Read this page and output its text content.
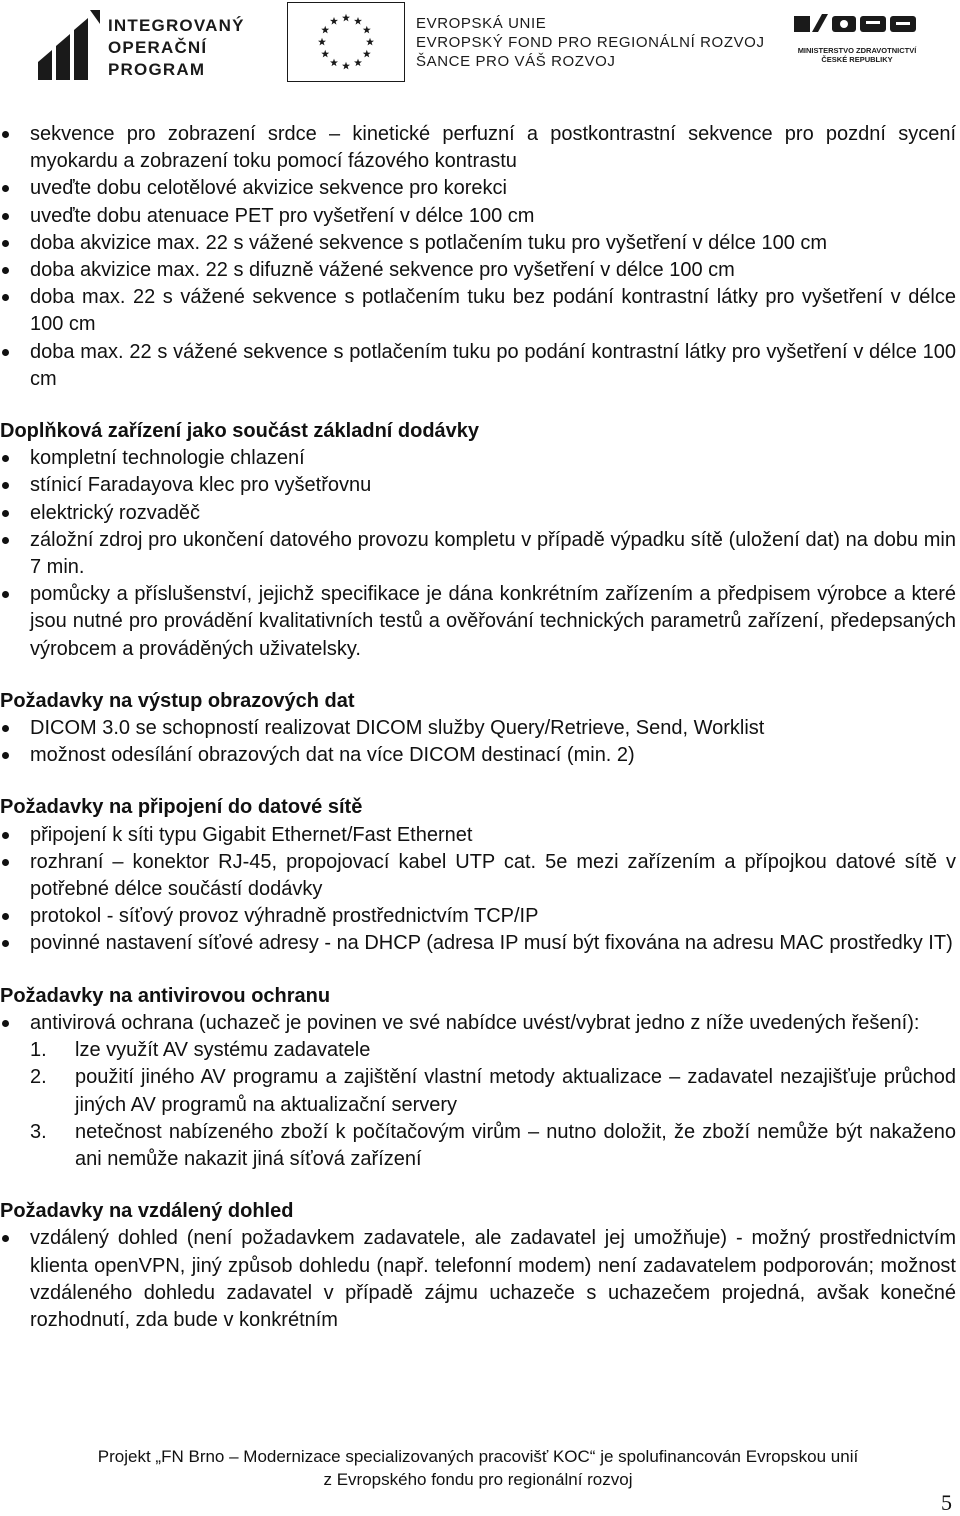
INTEGROVANÝ
OPERAČNÍ
PROGRAM
EVROPSKÁ UNIE
EVROPSKÝ FOND PRO REGIONÁLNÍ ROZVOJ
ŠANCE PRO VÁŠ ROZVOJ
MINISTERSTVO ZDRAVOTNICTVÍ
ČESKÉ REPUBLIKY
sekvence pro zobrazení srdce – kinetické perfuzní a postkontrastní sekvence pro pozdní sycení myokardu a zobrazení toku pomocí fázového kontrastu
uveďte dobu celotělové akvizice sekvence pro korekci
uveďte dobu atenuace PET pro vyšetření v délce 100 cm
doba akvizice max. 22 s vážené sekvence s potlačením tuku pro vyšetření v délce 100 cm
doba akvizice max. 22 s difuzně vážené sekvence pro vyšetření v délce 100 cm
doba max. 22 s vážené sekvence s potlačením tuku bez podání kontrastní látky pro vyšetření v délce 100 cm
doba max. 22 s vážené sekvence s potlačením tuku po podání kontrastní látky pro vyšetření v délce 100 cm
Doplňková zařízení jako součást základní dodávky
kompletní technologie chlazení
stínicí Faradayova klec pro vyšetřovnu
elektrický rozvaděč
záložní zdroj pro ukončení datového provozu kompletu v případě výpadku sítě (uložení dat) na dobu min 7 min.
pomůcky a příslušenství, jejichž specifikace je dána konkrétním zařízením a předpisem výrobce a které jsou nutné pro provádění kvalitativních testů a ověřování technických parametrů zařízení, předepsaných výrobcem a prováděných uživatelsky.
Požadavky na výstup obrazových dat
DICOM 3.0 se schopností realizovat DICOM služby Query/Retrieve, Send, Worklist
možnost odesílání obrazových dat na více DICOM destinací (min. 2)
Požadavky na připojení do datové sítě
připojení k síti typu Gigabit Ethernet/Fast Ethernet
rozhraní – konektor RJ-45, propojovací kabel UTP cat. 5e mezi zařízením a přípojkou datové sítě v potřebné délce součástí dodávky
protokol - síťový provoz výhradně prostřednictvím TCP/IP
povinné nastavení síťové adresy - na DHCP (adresa IP musí být fixována na adresu MAC prostředky IT)
Požadavky na antivirovou ochranu
antivirová ochrana (uchazeč je povinen ve své nabídce uvést/vybrat jedno z níže uvedených řešení):
1. lze využít AV systému zadavatele
2. použití jiného AV programu a zajištění vlastní metody aktualizace – zadavatel nezajišťuje průchod jiných AV programů na aktualizační servery
3. netečnost nabízeného zboží k počítačovým virům – nutno doložit, že zboží nemůže být nakaženo ani nemůže nakazit jiná síťová zařízení
Požadavky na vzdálený dohled
vzdálený dohled (není požadavkem zadavatele, ale zadavatel jej umožňuje) - možný prostřednictvím klienta openVPN, jiný způsob dohledu (např. telefonní modem) není zadavatelem podporován; možnost vzdáleného dohledu zadavatel v případě zájmu uchazeče s uchazečem projedná, avšak konečné rozhodnutí, zda bude v konkrétním
Projekt „FN Brno – Modernizace specializovaných pracovišť KOC“ je spolufinancován Evropskou unií
z Evropského fondu pro regionální rozvoj
5
